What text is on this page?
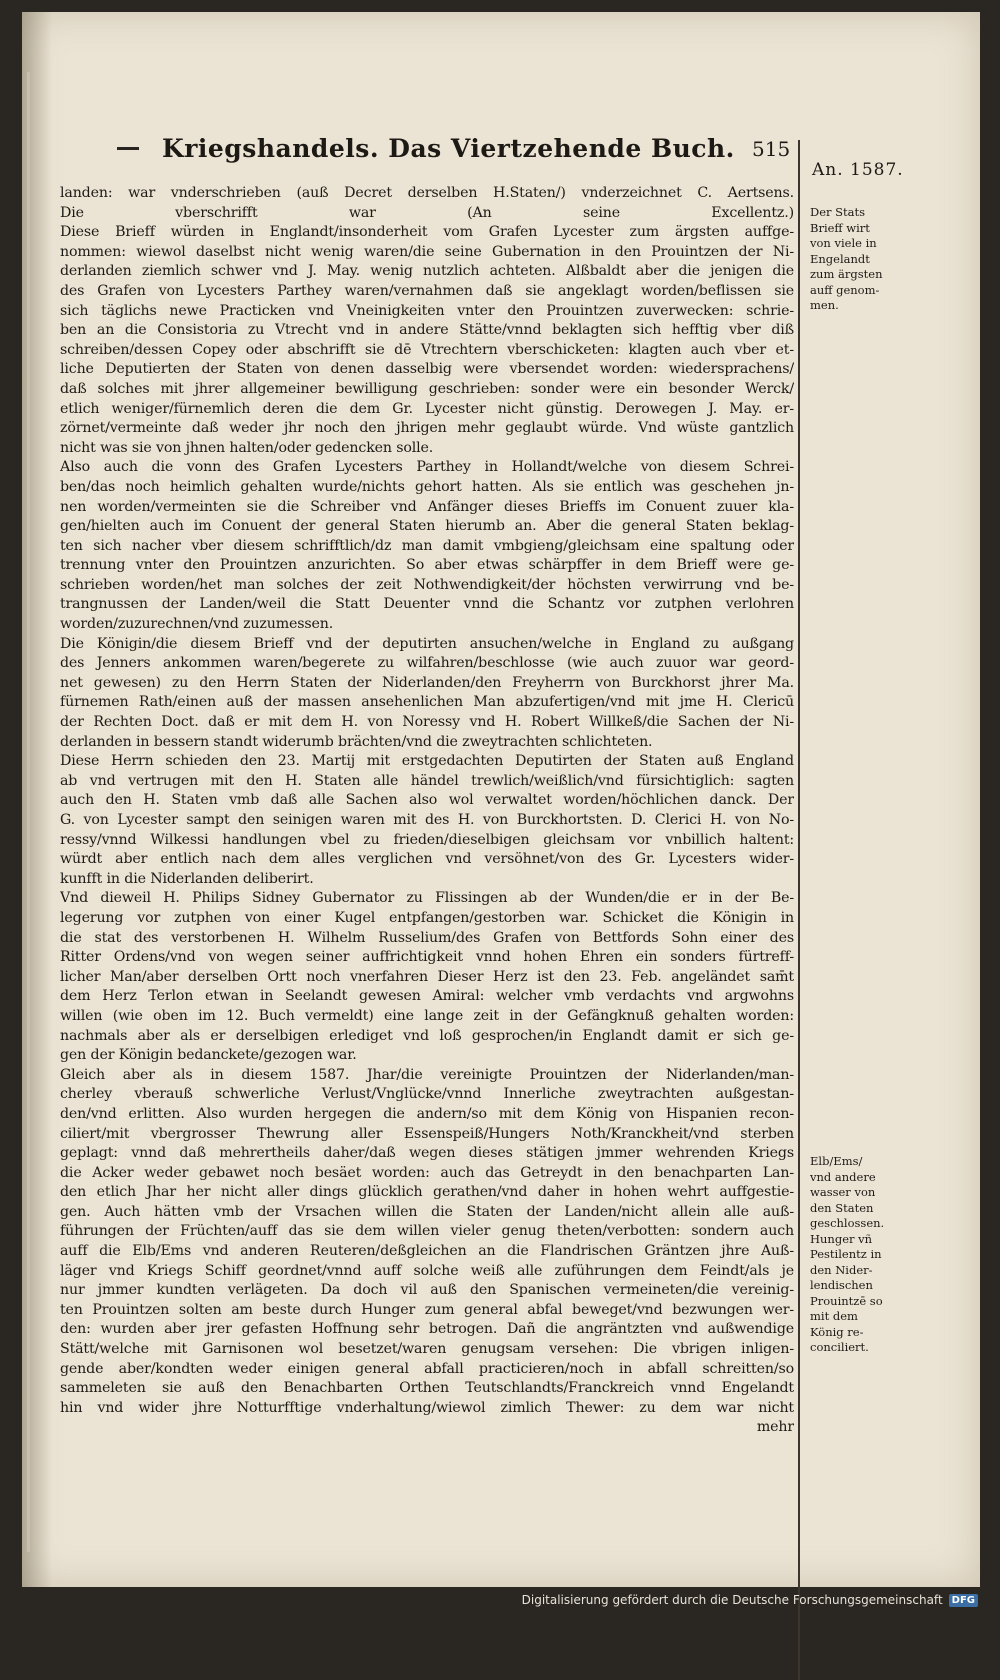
Kriegshandels. Das Viertzehende Buch. 515
An. 1587.
landen: war vnderschrieben (auß Decret derselben H.Staten/) vnderzeichnet C. Aertsens.
Die vberschrifft war (An seine Excellentz.)
Diese Brieff würden in Englandt/insonderheit vom Grafen Lycester zum ärgsten auffge-
nommen: wiewol daselbst nicht wenig waren/die seine Gubernation in den Prouintzen der Ni-
derlanden ziemlich schwer vnd J. May. wenig nutzlich achteten. Alßbaldt aber die jenigen die
des Grafen von Lycesters Parthey waren/vernahmen daß sie angeklagt worden/beflissen sie
sich täglichs newe Practicken vnd Vneinigkeiten vnter den Prouintzen zuverwecken: schrie-
ben an die Consistoria zu Vtrecht vnd in andere Stätte/vnnd beklagten sich hefftig vber diß
schreiben/dessen Copey oder abschrifft sie dē Vtrechtern vberschicketen: klagten auch vber et-
liche Deputierten der Staten von denen dasselbig were vbersendet worden: wiedersprachens/
daß solches mit jhrer allgemeiner bewilligung geschrieben: sonder were ein besonder Werck/
etlich weniger/fürnemlich deren die dem Gr. Lycester nicht günstig. Derowegen J. May. er-
zörnet/vermeinte daß weder jhr noch den jhrigen mehr geglaubt würde. Vnd wüste gantzlich
nicht was sie von jhnen halten/oder gedencken solle.
Also auch die vonn des Grafen Lycesters Parthey in Hollandt/welche von diesem Schrei-
ben/das noch heimlich gehalten wurde/nichts gehort hatten. Als sie entlich was geschehen jn-
nen worden/vermeinten sie die Schreiber vnd Anfänger dieses Brieffs im Conuent zuuer kla-
gen/hielten auch im Conuent der general Staten hierumb an. Aber die general Staten beklag-
ten sich nacher vber diesem schrifftlich/dz man damit vmbgieng/gleichsam eine spaltung oder
trennung vnter den Prouintzen anzurichten. So aber etwas schärpffer in dem Brieff were ge-
schrieben worden/het man solches der zeit Nothwendigkeit/der höchsten verwirrung vnd be-
trangnussen der Landen/weil die Statt Deuenter vnnd die Schantz vor zutphen verlohren
worden/zuzurechnen/vnd zuzumessen.
Die Königin/die diesem Brieff vnd der deputirten ansuchen/welche in England zu außgang
des Jenners ankommen waren/begerete zu wilfahren/beschlosse (wie auch zuuor war geord-
net gewesen) zu den Herrn Staten der Niderlanden/den Freyherrn von Burckhorst jhrer Ma.
fürnemen Rath/einen auß der massen ansehenlichen Man abzufertigen/vnd mit jme H. Clericū
der Rechten Doct. daß er mit dem H. von Noressy vnd H. Robert Willkeß/die Sachen der Ni-
derlanden in bessern standt widerumb brächten/vnd die zweytrachten schlichteten.
Diese Herrn schieden den 23. Martij mit erstgedachten Deputirten der Staten auß England
ab vnd vertrugen mit den H. Staten alle händel trewlich/weißlich/vnd fürsichtiglich: sagten
auch den H. Staten vmb daß alle Sachen also wol verwaltet worden/höchlichen danck. Der
G. von Lycester sampt den seinigen waren mit des H. von Burckhortsten. D. Clerici H. von No-
ressy/vnnd Wilkessi handlungen vbel zu frieden/dieselbigen gleichsam vor vnbillich haltent:
würdt aber entlich nach dem alles verglichen vnd versöhnet/von des Gr. Lycesters wider-
kunfft in die Niderlanden deliberirt.
Vnd dieweil H. Philips Sidney Gubernator zu Flissingen ab der Wunden/die er in der Be-
legerung vor zutphen von einer Kugel entpfangen/gestorben war. Schicket die Königin in
die stat des verstorbenen H. Wilhelm Russelium/des Grafen von Bettfords Sohn einer des
Ritter Ordens/vnd von wegen seiner auffrichtigkeit vnnd hohen Ehren ein sonders fürtreff-
licher Man/aber derselben Ortt noch vnerfahren Dieser Herz ist den 23. Feb. angeländet sam̄t
dem Herz Terlon etwan in Seelandt gewesen Amiral: welcher vmb verdachts vnd argwohns
willen (wie oben im 12. Buch vermeldt) eine lange zeit in der Gefängknuß gehalten worden:
nachmals aber als er derselbigen erlediget vnd loß gesprochen/in Englandt damit er sich ge-
gen der Königin bedanckete/gezogen war.
Gleich aber als in diesem 1587. Jhar/die vereinigte Prouintzen der Niderlanden/man-
cherley vberauß schwerliche Verlust/Vnglücke/vnnd Innerliche zweytrachten außgestan-
den/vnd erlitten. Also wurden hergegen die andern/so mit dem König von Hispanien recon-
ciliert/mit vbergrosser Thewrung aller Essenspeiß/Hungers Noth/Kranckheit/vnd sterben
geplagt: vnnd daß mehrertheils daher/daß wegen dieses stätigen jmmer wehrenden Kriegs
die Acker weder gebawet noch besäet worden: auch das Getreydt in den benachparten Lan-
den etlich Jhar her nicht aller dings glücklich gerathen/vnd daher in hohen wehrt auffgestie-
gen. Auch hätten vmb der Vrsachen willen die Staten der Landen/nicht allein alle auß-
führungen der Früchten/auff das sie dem willen vieler genug theten/verbotten: sondern auch
auff die Elb/Ems vnd anderen Reuteren/deßgleichen an die Flandrischen Gräntzen jhre Auß-
läger vnd Kriegs Schiff geordnet/vnnd auff solche weiß alle zuführungen dem Feindt/als je
nur jmmer kundten verlägeten. Da doch vil auß den Spanischen vermeineten/die vereinig-
ten Prouintzen solten am beste durch Hunger zum general abfal beweget/vnd bezwungen wer-
den: wurden aber jrer gefasten Hoffnung sehr betrogen. Dañ die angräntzten vnd außwendige
Stätt/welche mit Garnisonen wol besetzet/waren genugsam versehen: Die vbrigen inligen-
gende aber/kondten weder einigen general abfall practicieren/noch in abfall schreitten/so
sammeleten sie auß den Benachbarten Orthen Teutschlandts/Franckreich vnnd Engelandt
hin vnd wider jhre Notturfftige vnderhaltung/wiewol zimlich Thewer: zu dem war nicht
mehr
Der Stats
Brieff wirt
von viele in
Engelandt
zum ärgsten
auff genom-
men.
Elb/Ems/
vnd andere
wasser von
den Staten
geschlossen.
Hunger vñ
Pestilentz in
den Nider-
lendischen
Prouintzē so
mit dem
König re-
conciliert.
Digitalisierung gefördert durch die Deutsche Forschungsgemeinschaft DFG
